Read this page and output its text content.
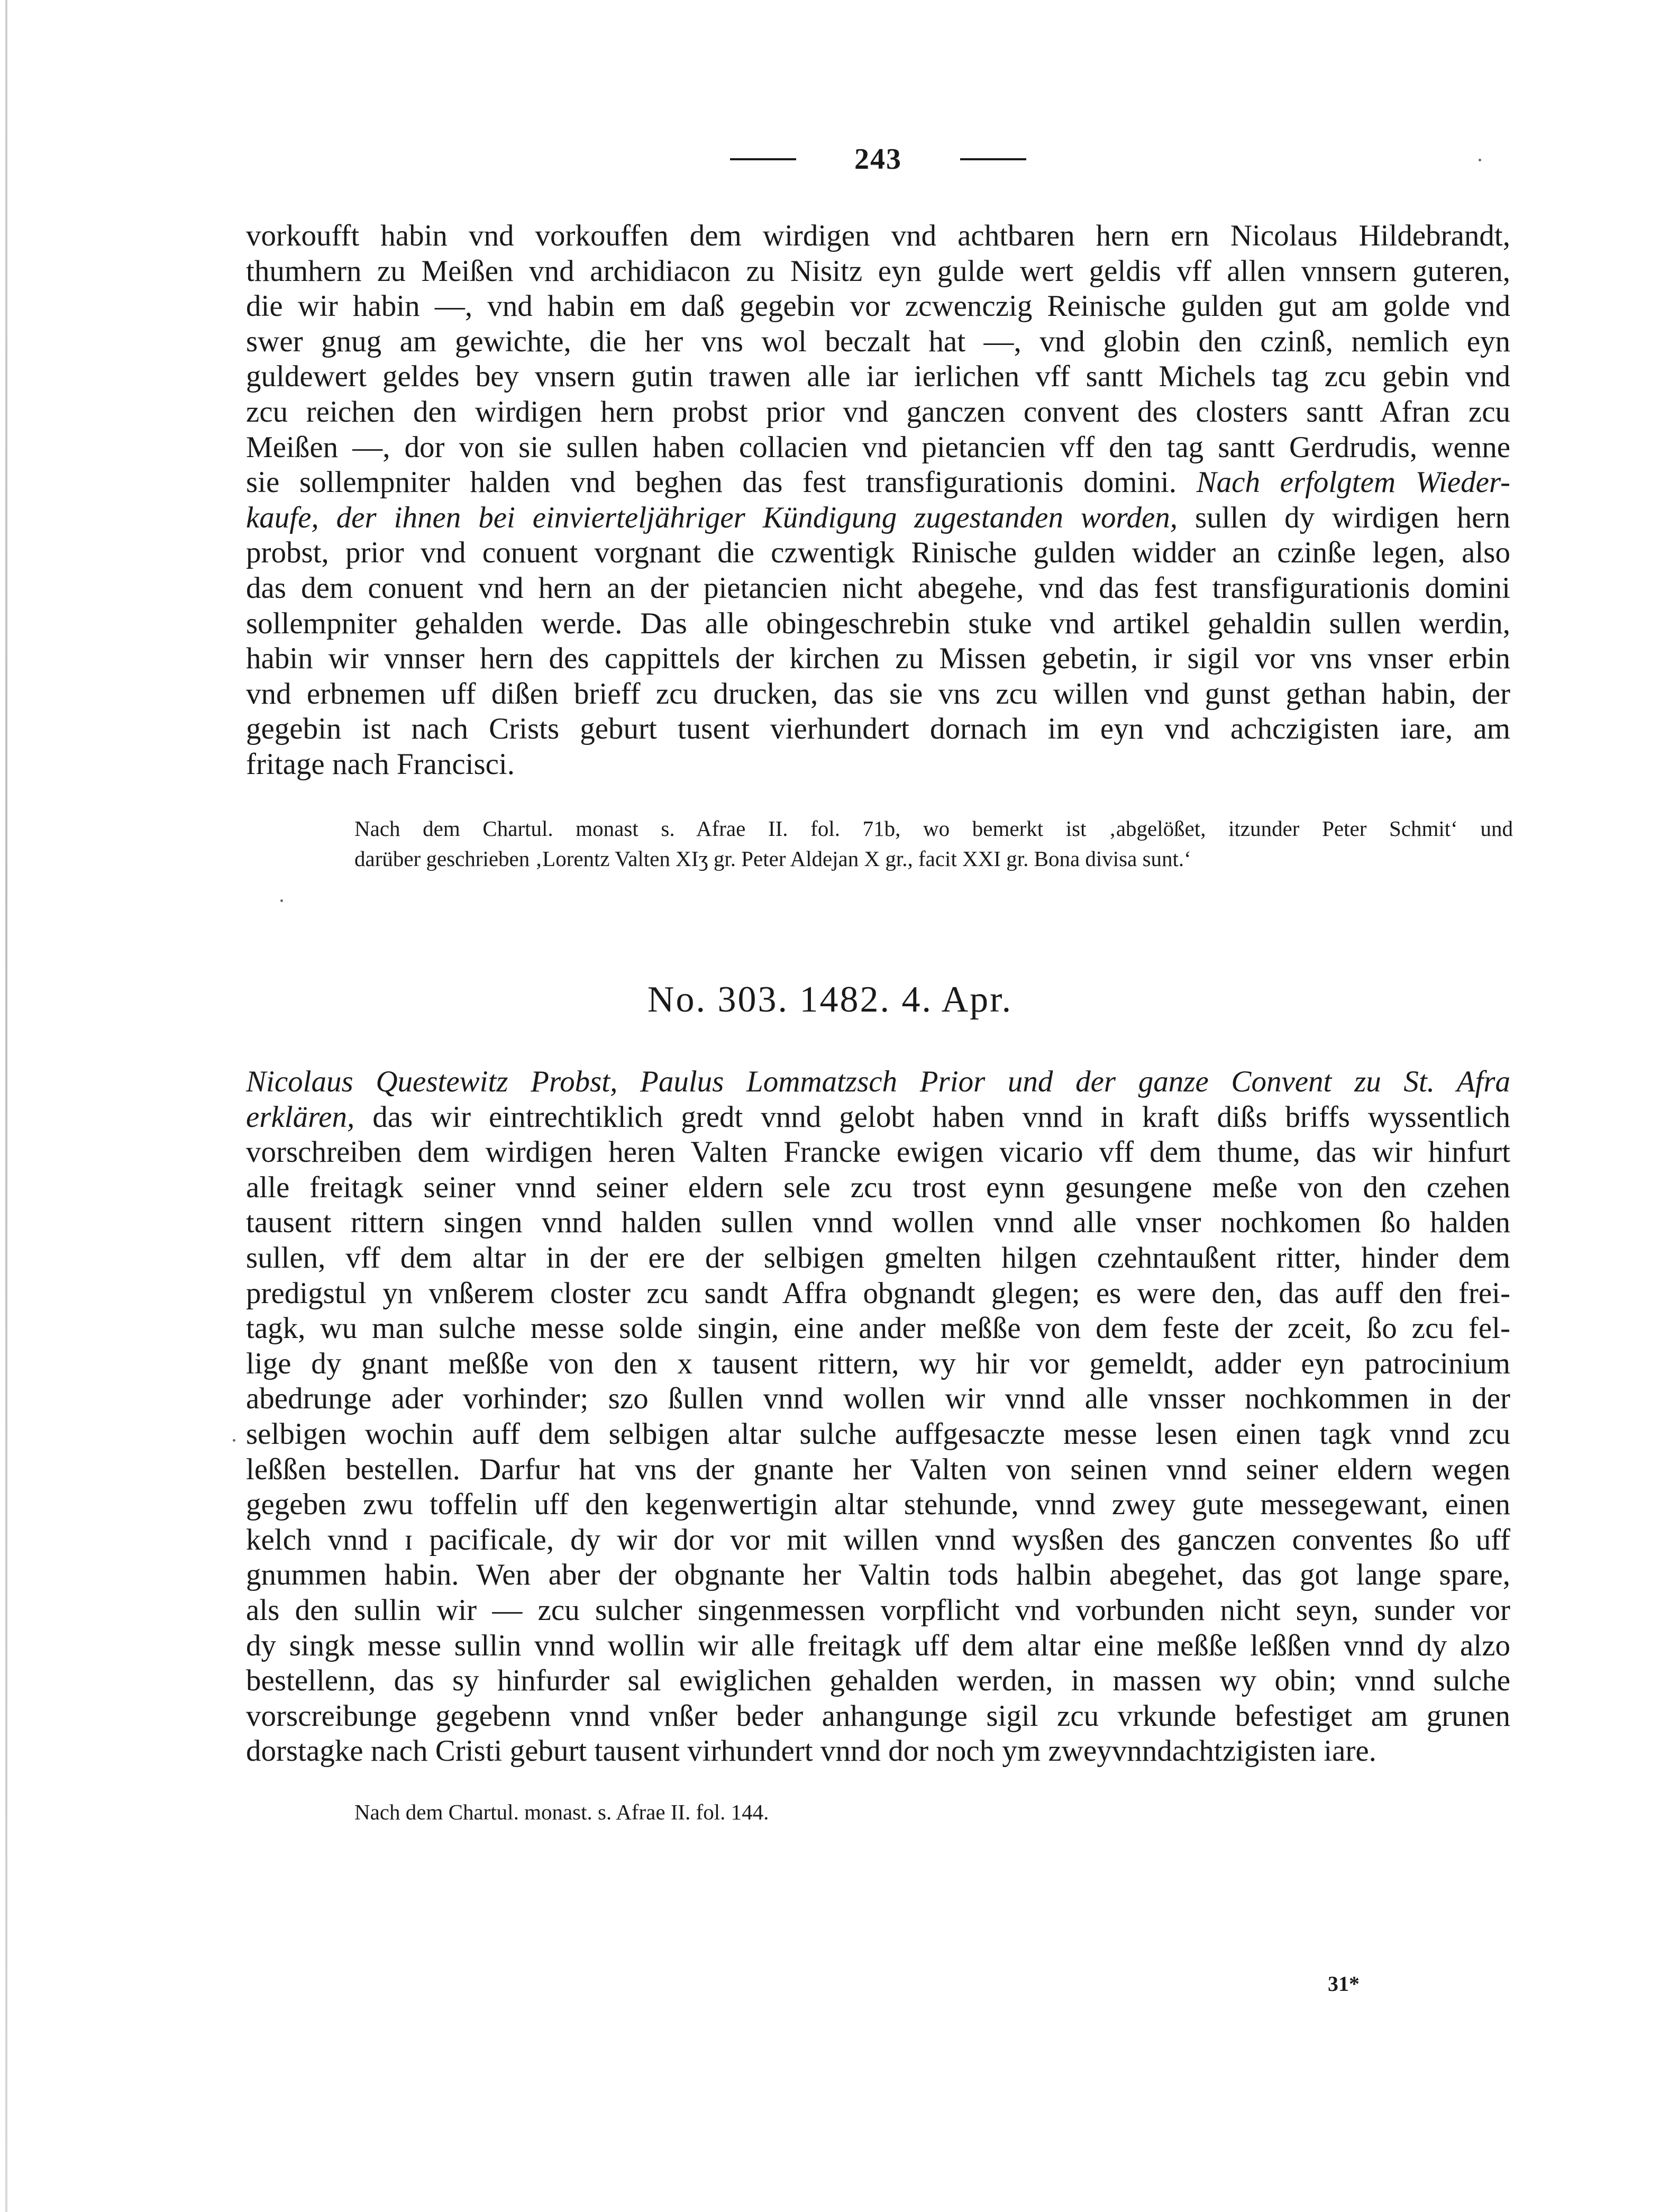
243
vorkoufft habin vnd vorkouffen dem wirdigen vnd achtbaren hern ern Nicolaus Hildebrandt,
thumhern zu Meißen vnd archidiacon zu Nisitz eyn gulde wert geldis vff allen vnnsern guteren,
die wir habin —, vnd habin em daß gegebin vor zcwenczig Reinische gulden gut am golde vnd
swer gnug am gewichte, die her vns wol beczalt hat —, vnd globin den czinß, nemlich eyn
guldewert geldes bey vnsern gutin trawen alle iar ierlichen vff santt Michels tag zcu gebin vnd
zcu reichen den wirdigen hern probst prior vnd ganczen convent des closters santt Afran zcu
Meißen —, dor von sie sullen haben collacien vnd pietancien vff den tag santt Gerdrudis, wenne
sie sollempniter halden vnd beghen das fest transfigurationis domini. Nach erfolgtem Wieder-
kaufe, der ihnen bei einvierteljähriger Kündigung zugestanden worden, sullen dy wirdigen hern
probst, prior vnd conuent vorgnant die czwentigk Rinische gulden widder an czinße legen, also
das dem conuent vnd hern an der pietancien nicht abegehe, vnd das fest transfigurationis domini
sollempniter gehalden werde. Das alle obingeschrebin stuke vnd artikel gehaldin sullen werdin,
habin wir vnnser hern des cappittels der kirchen zu Missen gebetin, ir sigil vor vns vnser erbin
vnd erbnemen uff dißen brieff zcu drucken, das sie vns zcu willen vnd gunst gethan habin, der
gegebin ist nach Crists geburt tusent vierhundert dornach im eyn vnd achczigisten iare, am
fritage nach Francisci.
Nach dem Chartul. monast s. Afrae II. fol. 71b, wo bemerkt ist ‚abgelößet, itzunder Peter Schmit‘ und
darüber geschrieben ‚Lorentz Valten XIʒ gr. Peter Aldejan X gr., facit XXI gr. Bona divisa sunt.‘
No. 303. 1482. 4. Apr.
Nicolaus Questewitz Probst, Paulus Lommatzsch Prior und der ganze Convent zu St. Afra
erklären, das wir eintrechtiklich gredt vnnd gelobt haben vnnd in kraft dißs briffs wyssentlich
vorschreiben dem wirdigen heren Valten Francke ewigen vicario vff dem thume, das wir hinfurt
alle freitagk seiner vnnd seiner eldern sele zcu trost eynn gesungene meße von den czehen
tausent rittern singen vnnd halden sullen vnnd wollen vnnd alle vnser nochkomen ßo halden
sullen, vff dem altar in der ere der selbigen gmelten hilgen czehntaußent ritter, hinder dem
predigstul yn vnßerem closter zcu sandt Affra obgnandt glegen; es were den, das auff den frei-
tagk, wu man sulche messe solde singin, eine ander meßße von dem feste der zceit, ßo zcu fel-
lige dy gnant meßße von den x tausent rittern, wy hir vor gemeldt, adder eyn patrocinium
abedrunge ader vorhinder; szo ßullen vnnd wollen wir vnnd alle vnsser nochkommen in der
selbigen wochin auff dem selbigen altar sulche auffgesaczte messe lesen einen tagk vnnd zcu
leßßen bestellen. Darfur hat vns der gnante her Valten von seinen vnnd seiner eldern wegen
gegeben zwu toffelin uff den kegenwertigin altar stehunde, vnnd zwey gute messegewant, einen
kelch vnnd ɪ pacificale, dy wir dor vor mit willen vnnd wysßen des ganczen conventes ßo uff
gnummen habin. Wen aber der obgnante her Valtin tods halbin abegehet, das got lange spare,
als den sullin wir — zcu sulcher singenmessen vorpflicht vnd vorbunden nicht seyn, sunder vor
dy singk messe sullin vnnd wollin wir alle freitagk uff dem altar eine meßße leßßen vnnd dy alzo
bestellenn, das sy hinfurder sal ewiglichen gehalden werden, in massen wy obin; vnnd sulche
vorscreibunge gegebenn vnnd vnßer beder anhangunge sigil zcu vrkunde befestiget am grunen
dorstagke nach Cristi geburt tausent virhundert vnnd dor noch ym zweyvnndachtzigisten iare.
Nach dem Chartul. monast. s. Afrae II. fol. 144.
31*
